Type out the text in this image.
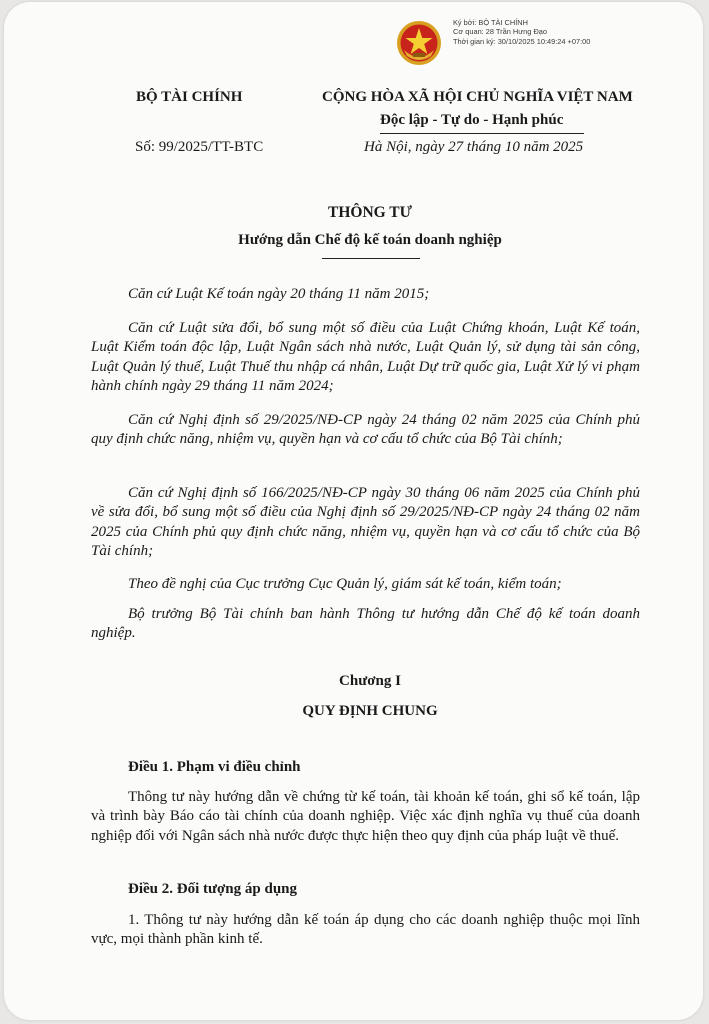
Ký bởi: BỘ TÀI CHÍNH
Cơ quan: 28 Trần Hưng Đạo
Thời gian ký: 30/10/2025 10:49:24 +07:00
BỘ TÀI CHÍNH	CỘNG HÒA XÃ HỘI CHỦ NGHĨA VIỆT NAM
Độc lập - Tự do - Hạnh phúc
Số: 99/2025/TT-BTC	Hà Nội, ngày 27 tháng 10 năm 2025
THÔNG TƯ
Hướng dẫn Chế độ kế toán doanh nghiệp

Căn cứ Luật Kế toán ngày 20 tháng 11 năm 2015;

Căn cứ Luật sửa đổi, bổ sung một số điều của Luật Chứng khoán, Luật Kế toán, Luật Kiểm toán độc lập, Luật Ngân sách nhà nước, Luật Quản lý, sử dụng tài sản công, Luật Quản lý thuế, Luật Thuế thu nhập cá nhân, Luật Dự trữ quốc gia, Luật Xử lý vi phạm hành chính ngày 29 tháng 11 năm 2024;

Căn cứ Nghị định số 29/2025/NĐ-CP ngày 24 tháng 02 năm 2025 của Chính phủ quy định chức năng, nhiệm vụ, quyền hạn và cơ cấu tổ chức của Bộ Tài chính;

Căn cứ Nghị định số 166/2025/NĐ-CP ngày 30 tháng 06 năm 2025 của Chính phủ về sửa đổi, bổ sung một số điều của Nghị định số 29/2025/NĐ-CP ngày 24 tháng 02 năm 2025 của Chính phủ quy định chức năng, nhiệm vụ, quyền hạn và cơ cấu tổ chức của Bộ Tài chính;

Theo đề nghị của Cục trưởng Cục Quản lý, giám sát kế toán, kiểm toán;

Bộ trưởng Bộ Tài chính ban hành Thông tư hướng dẫn Chế độ kế toán doanh nghiệp.

Chương I
QUY ĐỊNH CHUNG
Điều 1. Phạm vi điều chỉnh

Thông tư này hướng dẫn về chứng từ kế toán, tài khoản kế toán, ghi sổ kế toán, lập và trình bày Báo cáo tài chính của doanh nghiệp. Việc xác định nghĩa vụ thuế của doanh nghiệp đối với Ngân sách nhà nước được thực hiện theo quy định của pháp luật về thuế.

Điều 2. Đối tượng áp dụng

1. Thông tư này hướng dẫn kế toán áp dụng cho các doanh nghiệp thuộc mọi lĩnh vực, mọi thành phần kinh tế.
